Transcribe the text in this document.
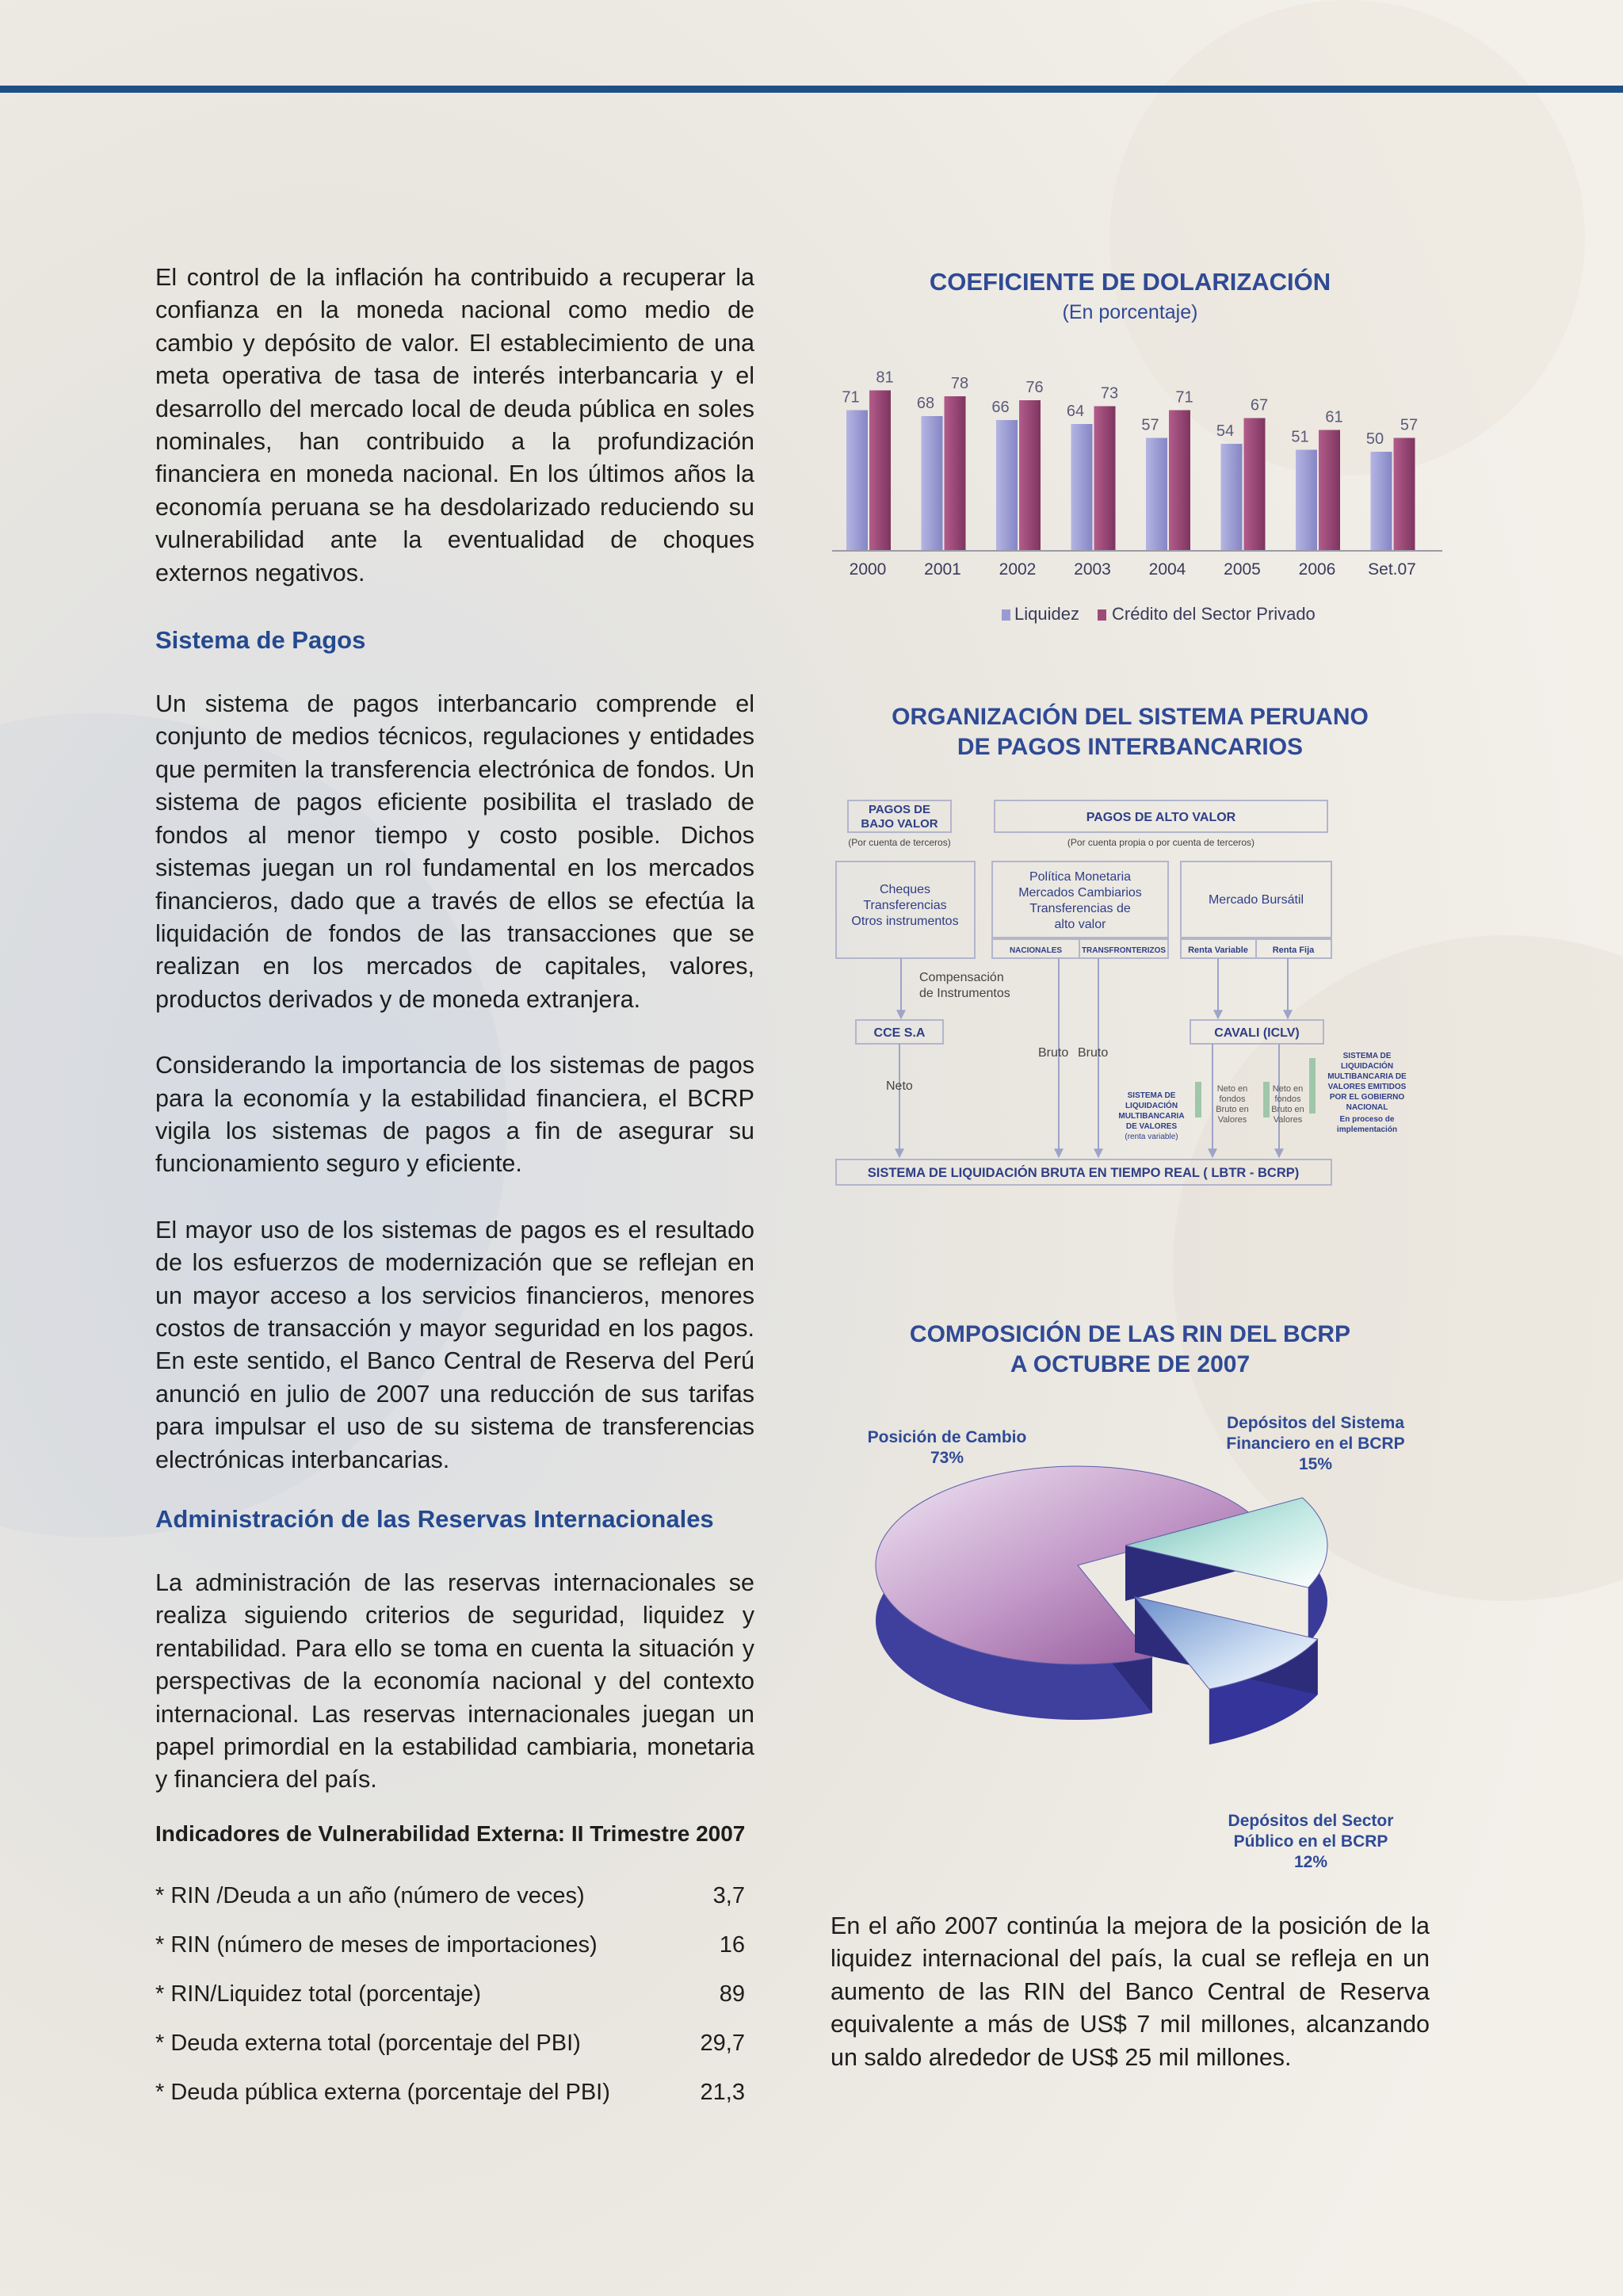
El control de la inflación ha contribuido a recuperar la confianza en la moneda nacional como medio de cambio y depósito de valor. El establecimiento de una meta operativa de tasa de interés interbancaria y el desarrollo del mercado local de deuda pública en soles nominales, han contribuido a la profundización financiera en moneda nacional. En los últimos años la economía peruana se ha desdolarizado reduciendo su vulnerabilidad ante la eventualidad de choques externos negativos.

Sistema de Pagos

Un sistema de pagos interbancario comprende el conjunto de medios técnicos, regulaciones y entidades que permiten la transferencia electrónica de fondos. Un sistema de pagos eficiente posibilita el traslado de fondos al menor tiempo y costo posible. Dichos sistemas juegan un rol fundamental en los mercados financieros, dado que a través de ellos se efectúa la liquidación de fondos de las transacciones que se realizan en los mercados de capitales, valores, productos derivados y de moneda extranjera.

Considerando la importancia de los sistemas de pagos para la economía y la estabilidad financiera, el BCRP vigila los sistemas de pagos a fin de asegurar su funcionamiento seguro y eficiente.

El mayor uso de los sistemas de pagos es el resultado de los esfuerzos de modernización que se reflejan en un mayor acceso a los servicios financieros, menores costos de transacción y mayor seguridad en los pagos. En este sentido, el Banco Central de Reserva del Perú anunció en julio de 2007 una reducción de sus tarifas para impulsar el uso de su sistema de transferencias electrónicas interbancarias.

Administración de las Reservas Internacionales

La administración de las reservas internacionales se realiza siguiendo criterios de seguridad, liquidez y rentabilidad. Para ello se toma en cuenta la situación y perspectivas de la economía nacional y del contexto internacional. Las reservas internacionales juegan un papel primordial en la estabilidad cambiaria, monetaria y financiera del país.

Indicadores de Vulnerabilidad Externa: II Trimestre 2007
* RIN /Deuda a un año (número de veces)	3,7
* RIN (número de meses de importaciones)	16
* RIN/Liquidez total (porcentaje)	89
* Deuda externa total (porcentaje del PBI)	29,7
* Deuda pública externa (porcentaje del PBI)	21,3
COEFICIENTE DE DOLARIZACIÓN
(En porcentaje)
71
81
68
78
66
76
64
73
57
71
54
67
51
61
50
57
2000 2001 2002 2003 2004 2005 2006 Set.07
Liquidez Crédito del Sector Privado
ORGANIZACIÓN DEL SISTEMA PERUANO
DE PAGOS INTERBANCARIOS
PAGOS DE
BAJO VALOR
(Por cuenta de terceros)
PAGOS DE ALTO VALOR
(Por cuenta propia o por cuenta de terceros)
Cheques
Transferencias
Otros instrumentos
Política Monetaria
Mercados Cambiarios
Transferencias de
alto valor
NACIONALES TRANSFRONTERIZOS
Mercado Bursátil
Renta Variable	Renta Fija
Compensación
de Instrumentos
CCE S.A
Neto
Bruto Bruto
CAVALI (ICLV)
SISTEMA DE
LIQUIDACIÓN
MULTIBANCARIA
DE VALORES
(renta variable)
Neto en
fondos
Bruto en
Valores
Neto en
fondos
Bruto en
Valores
SISTEMA DE
LIQUIDACIÓN
MULTIBANCARIA DE
VALORES EMITIDOS
POR EL GOBIERNO
NACIONAL
En proceso de
implementación
SISTEMA DE LIQUIDACIÓN BRUTA EN TIEMPO REAL ( LBTR - BCRP)
COMPOSICIÓN DE LAS RIN DEL BCRP
A OCTUBRE DE 2007
Posición de Cambio
73%
Depósitos del Sistema
Financiero en el BCRP
15%
Depósitos del Sector
Público en el BCRP
12%

En el año 2007 continúa la mejora de la posición de la liquidez internacional del país, la cual se refleja en un aumento de las RIN del Banco Central de Reserva equivalente a más de US$ 7 mil millones, alcanzando un saldo alrededor de US$ 25 mil millones.
